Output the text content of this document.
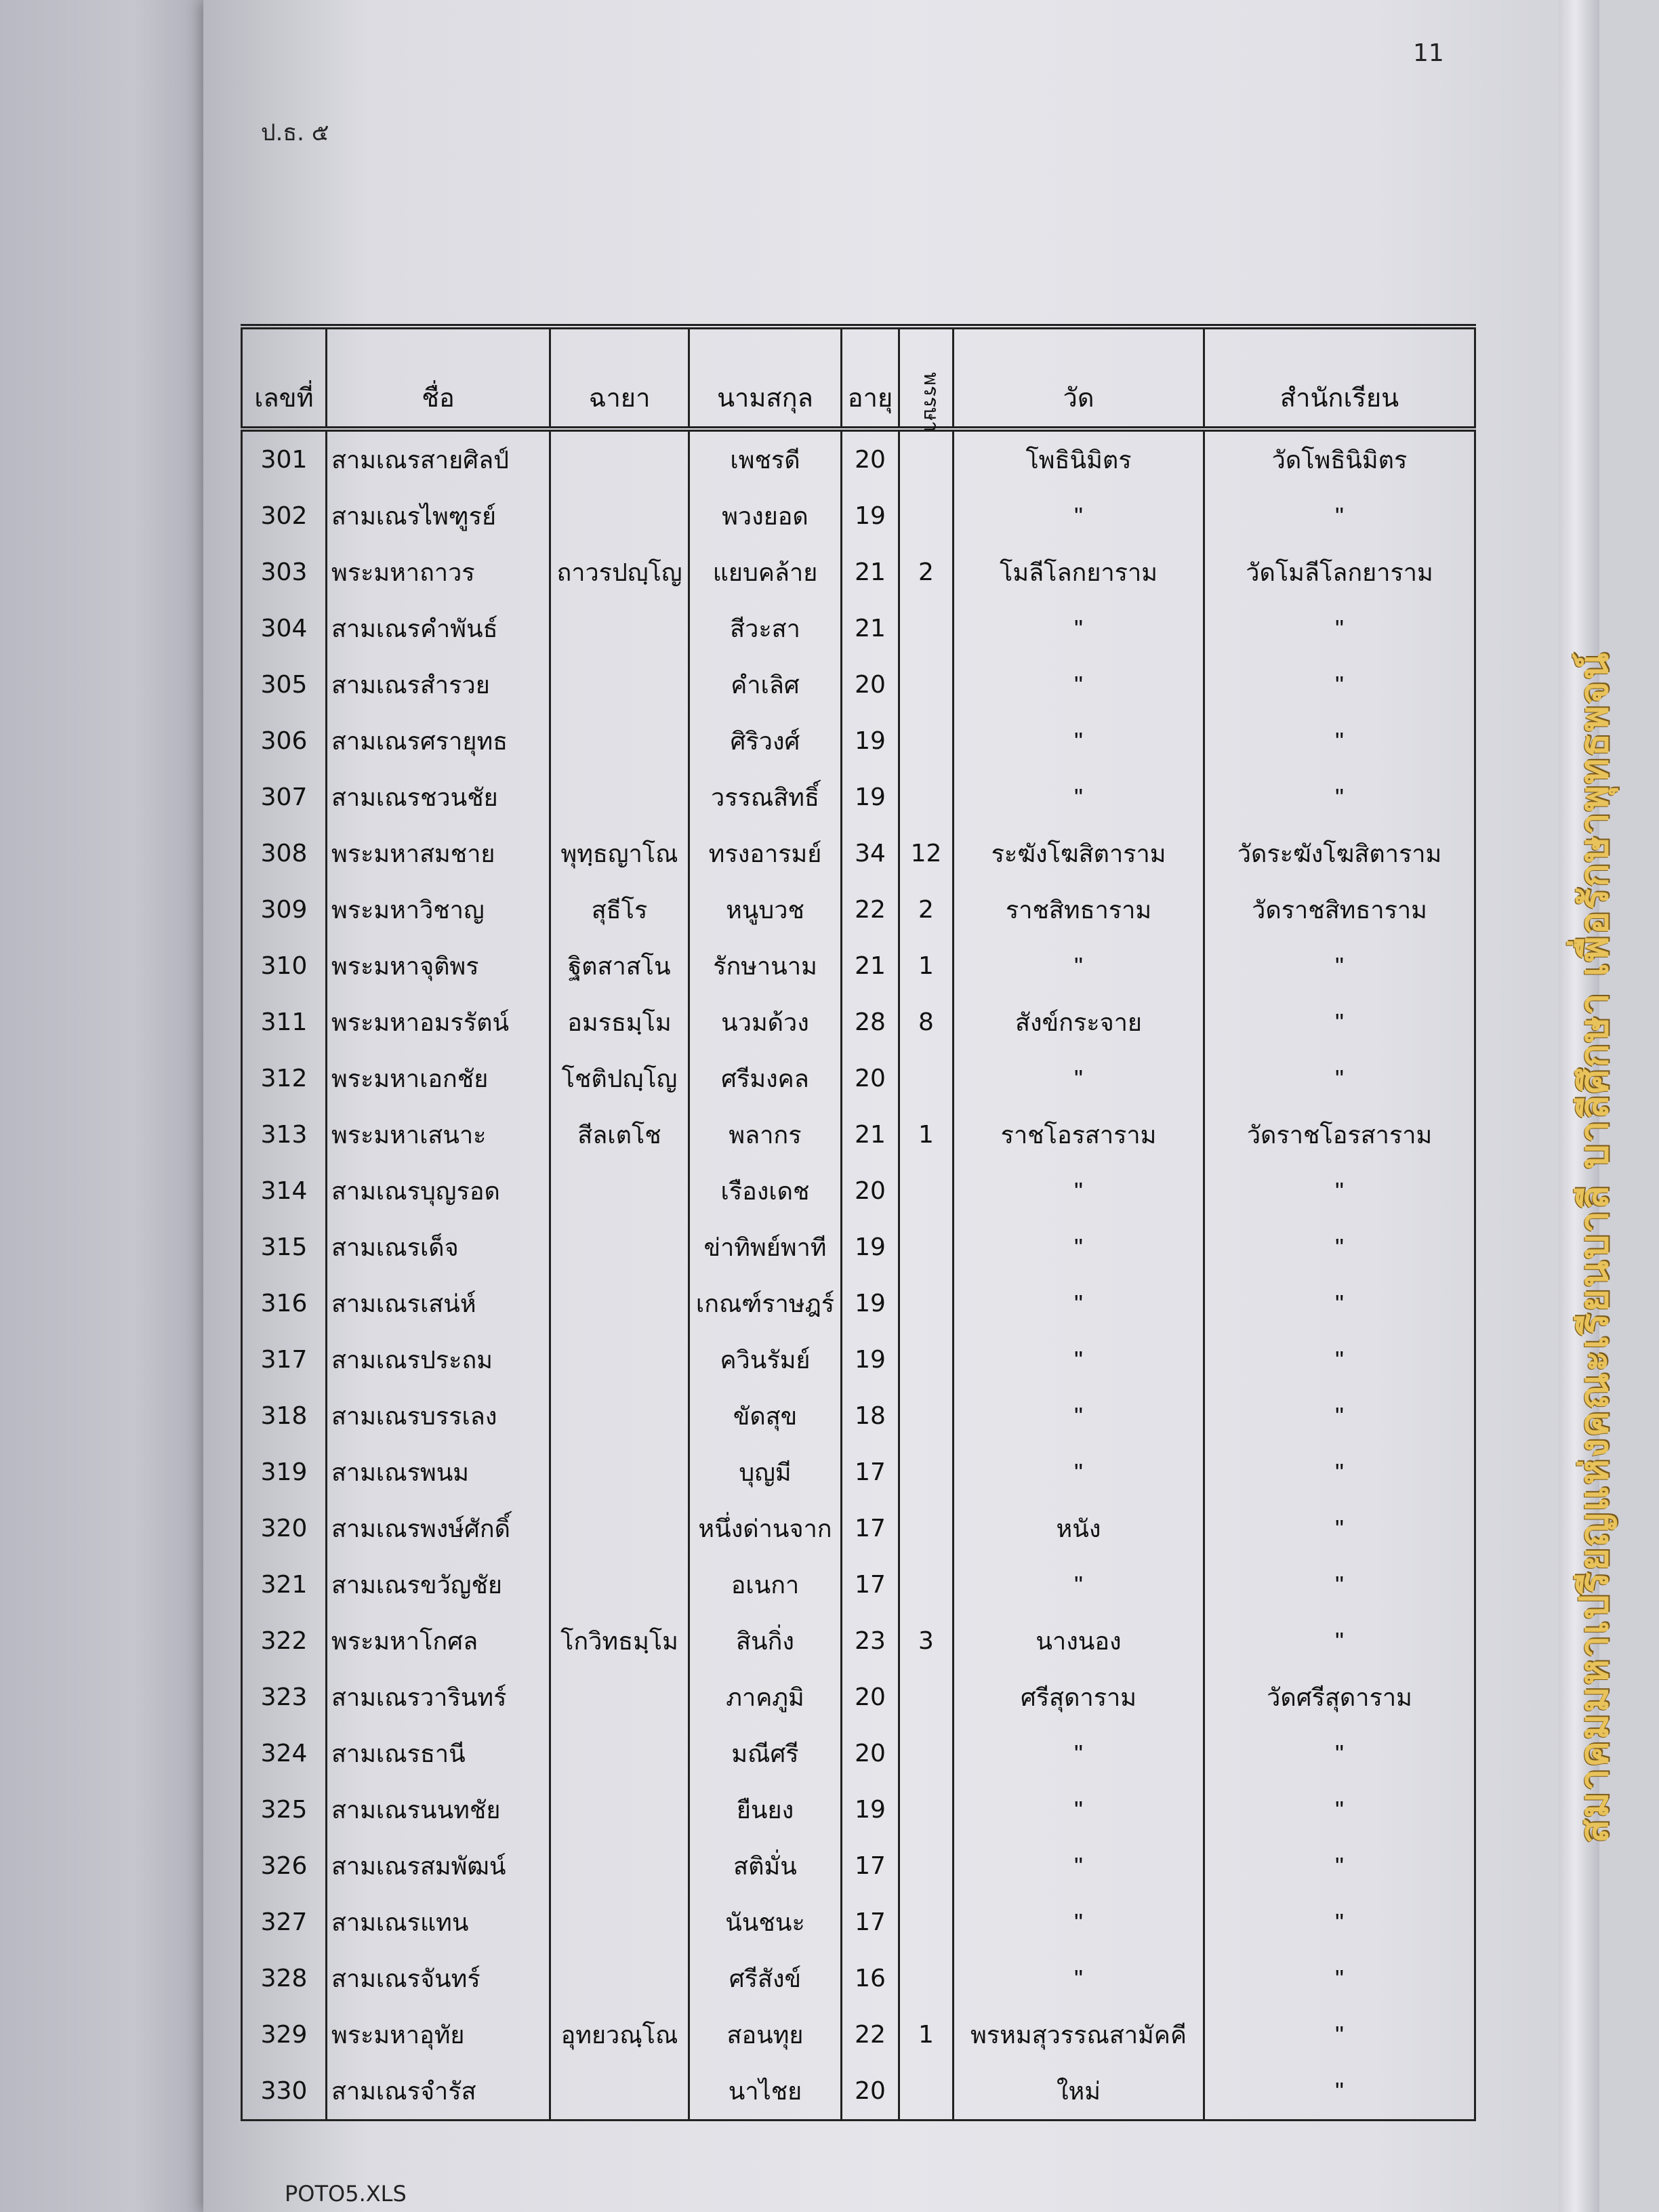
11
ป.ธ. ๕
เลขที่	ชื่อ	ฉายา	นามสกุล	อายุ	พรรษา	วัด	สำนักเรียน
301	สามเณรสายศิลป์		เพชรดี	20		โพธินิมิตร	วัดโพธินิมิตร
302	สามเณรไพฑูรย์		พวงยอด	19		"	"
303	พระมหาถาวร	ถาวรปญฺโญ	แยบคล้าย	21	2	โมลีโลกยาราม	วัดโมลีโลกยาราม
304	สามเณรคำพันธ์		สีวะสา	21		"	"
305	สามเณรสำรวย		คำเลิศ	20		"	"
306	สามเณรศรายุทธ		ศิริวงศ์	19		"	"
307	สามเณรชวนชัย		วรรณสิทธิ์	19		"	"
308	พระมหาสมชาย	พุทฺธญาโณ	ทรงอารมย์	34	12	ระฆังโฆสิตาราม	วัดระฆังโฆสิตาราม
309	พระมหาวิชาญ	สุธีโร	หนูบวช	22	2	ราชสิทธาราม	วัดราชสิทธาราม
310	พระมหาจุติพร	ฐิตสาสโน	รักษานาม	21	1	"	"
311	พระมหาอมรรัตน์	อมรธมฺโม	นวมด้วง	28	8	สังข์กระจาย	"
312	พระมหาเอกชัย	โชติปญฺโญ	ศรีมงคล	20		"	"
313	พระมหาเสนาะ	สีลเตโช	พลากร	21	1	ราชโอรสาราม	วัดราชโอรสาราม
314	สามเณรบุญรอด		เรืองเดช	20		"	"
315	สามเณรเด็จ		ข่าทิพย์พาที	19		"	"
316	สามเณรเสน่ห์		เกณฑ์ราษฎร์	19		"	"
317	สามเณรประถม		ควินรัมย์	19		"	"
318	สามเณรบรรเลง		ขัดสุข	18		"	"
319	สามเณรพนม		บุญมี	17		"	"
320	สามเณรพงษ์ศักดิ์		หนึ่งด่านจาก	17		หนัง	"
321	สามเณรขวัญชัย		อเนกา	17		"	"
322	พระมหาโกศล	โกวิทธมฺโม	สินกิ่ง	23	3	นางนอง	"
323	สามเณรวารินทร์		ภาคภูมิ	20		ศรีสุดาราม	วัดศรีสุดาราม
324	สามเณรธานี		มณีศรี	20		"	"
325	สามเณรนนทชัย		ยืนยง	19		"	"
326	สามเณรสมพัฒน์		สติมั่น	17		"	"
327	สามเณรแทน		นันชนะ	17		"	"
328	สามเณรจันทร์		ศรีสังข์	16		"	"
329	พระมหาอุทัย	อุทยวณฺโณ	สอนทุย	22	1	พรหมสุวรรณสามัคคี	"
330	สามเณรจำรัส		นาไชย	20		ใหม่	"
POTO5.XLS
สมาคมมหาเปรียญแห่งคณะเรียนบาลี บาลีศึกษา เพื่อรักษาพุทธพจน์
